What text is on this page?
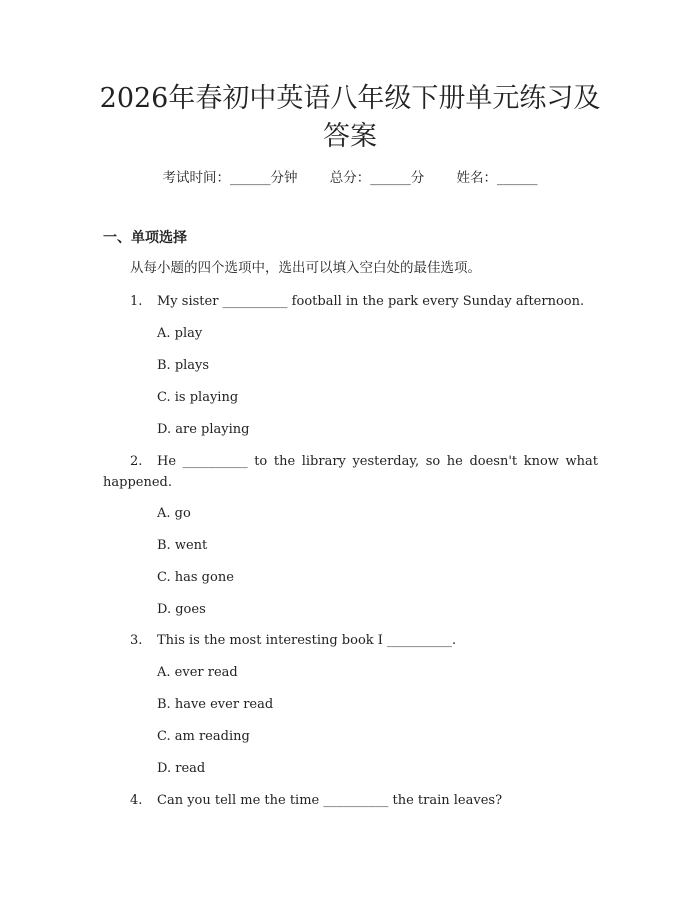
2026年春初中英语八年级下册单元练习及答案
考试时间：______分钟 总分：______分 姓名：______
一、单项选择
从每小题的四个选项中，选出可以填入空白处的最佳选项。
1. My sister __________ football in the park every Sunday afternoon.
A. play
B. plays
C. is playing
D. are playing
2. He __________ to the library yesterday, so he doesn't know what happened.
A. go
B. went
C. has gone
D. goes
3. This is the most interesting book I __________.
A. ever read
B. have ever read
C. am reading
D. read
4. Can you tell me the time __________ the train leaves?
